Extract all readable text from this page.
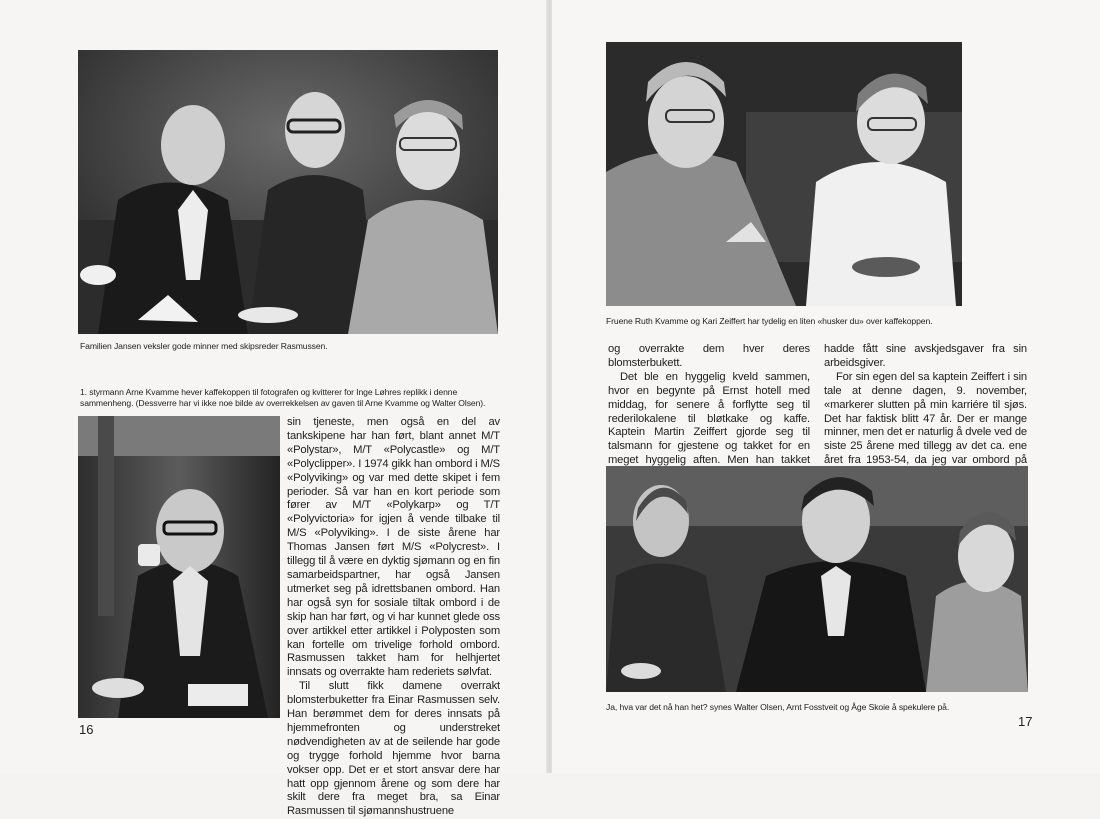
Familien Jansen veksler gode minner med skipsreder Rasmussen.
1. styrmann Arne Kvamme hever kaffekoppen til fotografen og kvitterer for Inge Løhres replikk i denne sammenheng. (Dessverre har vi ikke noe bilde av overrekkelsen av gaven til Arne Kvamme og Walter Olsen).

sin tjeneste, men også en del av tankskipene har han ført, blant annet M/T «Polystar», M/T «Polycastle» og M/T «Polyclipper». I 1974 gikk han ombord i M/S «Polyviking» og var med dette skipet i fem perioder. Så var han en kort periode som fører av M/T «Polykarp» og T/T «Polyvictoria» for igjen å vende tilbake til M/S «Polyviking». I de siste årene har Thomas Jansen ført M/S «Polycrest». I tillegg til å være en dyktig sjømann og en fin samarbeidspartner, har også Jansen utmerket seg på idrettsbanen ombord. Han har også syn for sosiale tiltak ombord i de skip han har ført, og vi har kunnet glede oss over artikkel etter artikkel i Polyposten som kan fortelle om trivelige forhold ombord. Rasmussen takket ham for helhjertet innsats og overrakte ham rederiets sølvfat.

Til slutt fikk damene overrakt blomsterbuketter fra Einar Rasmussen selv. Han berømmet dem for deres innsats på hjemmefronten og understreket nødvendigheten av at de seilende har gode og trygge forhold hjemme hvor barna vokser opp. Det er et stort ansvar dere har hatt opp gjennom årene og som dere har skilt dere fra meget bra, sa Einar Rasmussen til sjømannshustruene

16
Fruene Ruth Kvamme og Kari Zeiffert har tydelig en liten «husker du» over kaffekoppen.

og overrakte dem hver deres blomsterbukett.

Det ble en hyggelig kveld sammen, hvor en begynte på Ernst hotell med middag, for senere å forflytte seg til rederilokalene til bløtkake og kaffe. Kaptein Martin Zeiffert gjorde seg til talsmann for gjestene og takket for en meget hyggelig aften. Men han takket

hadde fått sine avskjedsgaver fra sin arbeidsgiver.

For sin egen del sa kaptein Zeiffert i sin tale at denne dagen, 9. november, «markerer slutten på min karriére til sjøs. Det har faktisk blitt 47 år. Der er mange minner, men det er naturlig å dvele ved de siste 25 årene med tillegg av det ca. ene året fra 1953-54, da jeg var ombord på

Ja, hva var det nå han het? synes Walter Olsen, Arnt Fosstveit og Åge Skoie å spekulere på.
17
